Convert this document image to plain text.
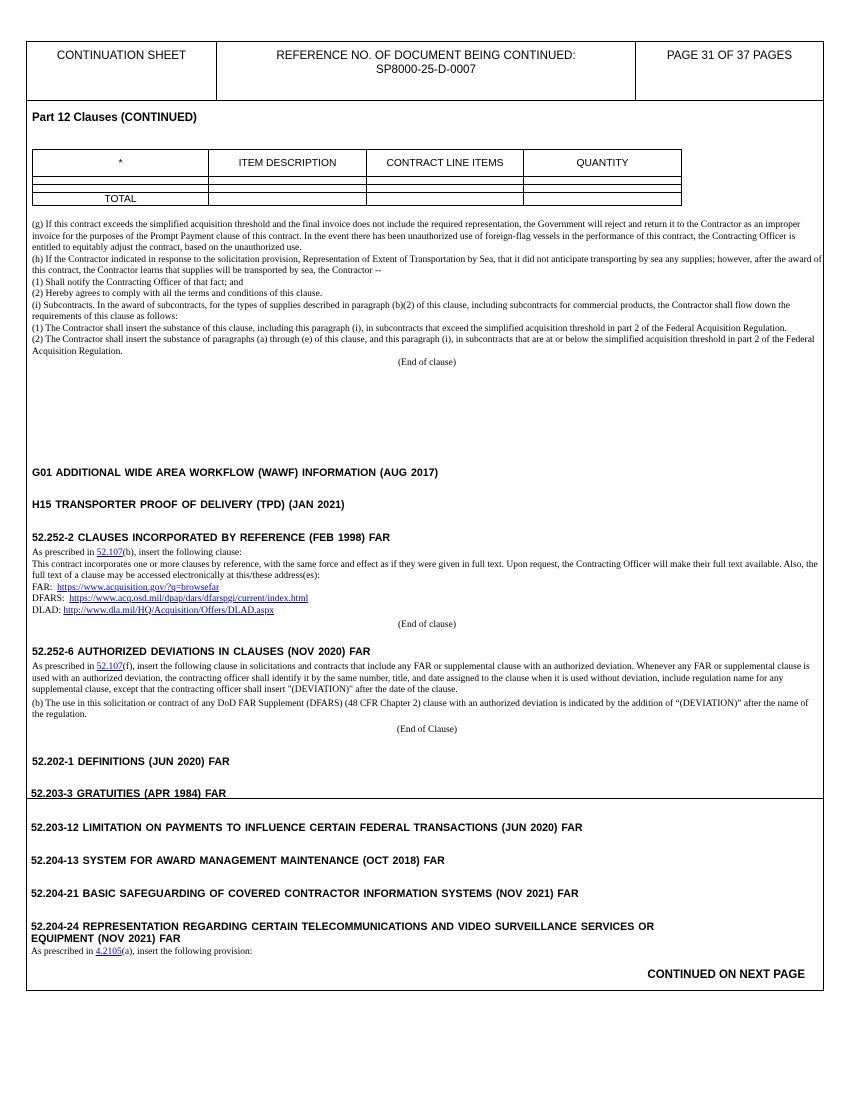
CONTINUATION SHEET	REFERENCE NO. OF DOCUMENT BEING CONTINUED:
SP8000-25-D-0007
PAGE 31 OF 37 PAGES
Part 12 Clauses (CONTINUED)
*	ITEM DESCRIPTION	CONTRACT LINE ITEMS	QUANTITY

TOTAL			
(g) If this contract exceeds the simplified acquisition threshold and the final invoice does not include the required representation, the Government will reject and return it to the Contractor as an improper invoice for the purposes of the Prompt Payment clause of this contract. In the event there has been unauthorized use of foreign-flag vessels in the performance of this contract, the Contracting Officer is entitled to equitably adjust the contract, based on the unauthorized use.
(h) If the Contractor indicated in response to the solicitation provision, Representation of Extent of Transportation by Sea, that it did not anticipate transporting by sea any supplies; however, after the award of this contract, the Contractor learns that supplies will be transported by sea, the Contractor --
(1) Shall notify the Contracting Officer of that fact; and
(2) Hereby agrees to comply with all the terms and conditions of this clause.
(i) Subcontracts. In the award of subcontracts, for the types of supplies described in paragraph (b)(2) of this clause, including subcontracts for commercial products, the Contractor shall flow down the requirements of this clause as follows:
(1) The Contractor shall insert the substance of this clause, including this paragraph (i), in subcontracts that exceed the simplified acquisition threshold in part 2 of the Federal Acquisition Regulation.
(2) The Contractor shall insert the substance of paragraphs (a) through (e) of this clause, and this paragraph (i), in subcontracts that are at or below the simplified acquisition threshold in part 2 of the Federal Acquisition Regulation.
(End of clause)
G01 ADDITIONAL WIDE AREA WORKFLOW (WAWF) INFORMATION (AUG 2017)
H15 TRANSPORTER PROOF OF DELIVERY (TPD) (JAN 2021)
52.252-2 CLAUSES INCORPORATED BY REFERENCE (FEB 1998) FAR
As prescribed in 52.107(b), insert the following clause:
This contract incorporates one or more clauses by reference, with the same force and effect as if they were given in full text. Upon request, the Contracting Officer will make their full text available. Also, the full text of a clause may be accessed electronically at this/these address(es):
FAR: https://www.acquisition.gov/?q=browsefar
DFARS: https://www.acq.osd.mil/dpap/dars/dfarspgi/current/index.html
DLAD: http://www.dla.mil/HQ/Acquisition/Offers/DLAD.aspx
(End of clause)
52.252-6 AUTHORIZED DEVIATIONS IN CLAUSES (NOV 2020) FAR
As prescribed in 52.107(f), insert the following clause in solicitations and contracts that include any FAR or supplemental clause with an authorized deviation. Whenever any FAR or supplemental clause is used with an authorized deviation, the contracting officer shall identify it by the same number, title, and date assigned to the clause when it is used without deviation, include regulation name for any supplemental clause, except that the contracting officer shall insert "(DEVIATION)" after the date of the clause.
(b) The use in this solicitation or contract of any DoD FAR Supplement (DFARS) (48 CFR Chapter 2) clause with an authorized deviation is indicated by the addition of “(DEVIATION)” after the name of the regulation.
(End of Clause)
52.202-1 DEFINITIONS (JUN 2020) FAR
52.203-3 GRATUITIES (APR 1984) FAR
52.203-12 LIMITATION ON PAYMENTS TO INFLUENCE CERTAIN FEDERAL TRANSACTIONS (JUN 2020) FAR
52.204-13 SYSTEM FOR AWARD MANAGEMENT MAINTENANCE (OCT 2018) FAR
52.204-21 BASIC SAFEGUARDING OF COVERED CONTRACTOR INFORMATION SYSTEMS (NOV 2021) FAR
52.204-24 REPRESENTATION REGARDING CERTAIN TELECOMMUNICATIONS AND VIDEO SURVEILLANCE SERVICES OR
EQUIPMENT (NOV 2021) FAR
As prescribed in 4.2105(a), insert the following provision:
CONTINUED ON NEXT PAGE
